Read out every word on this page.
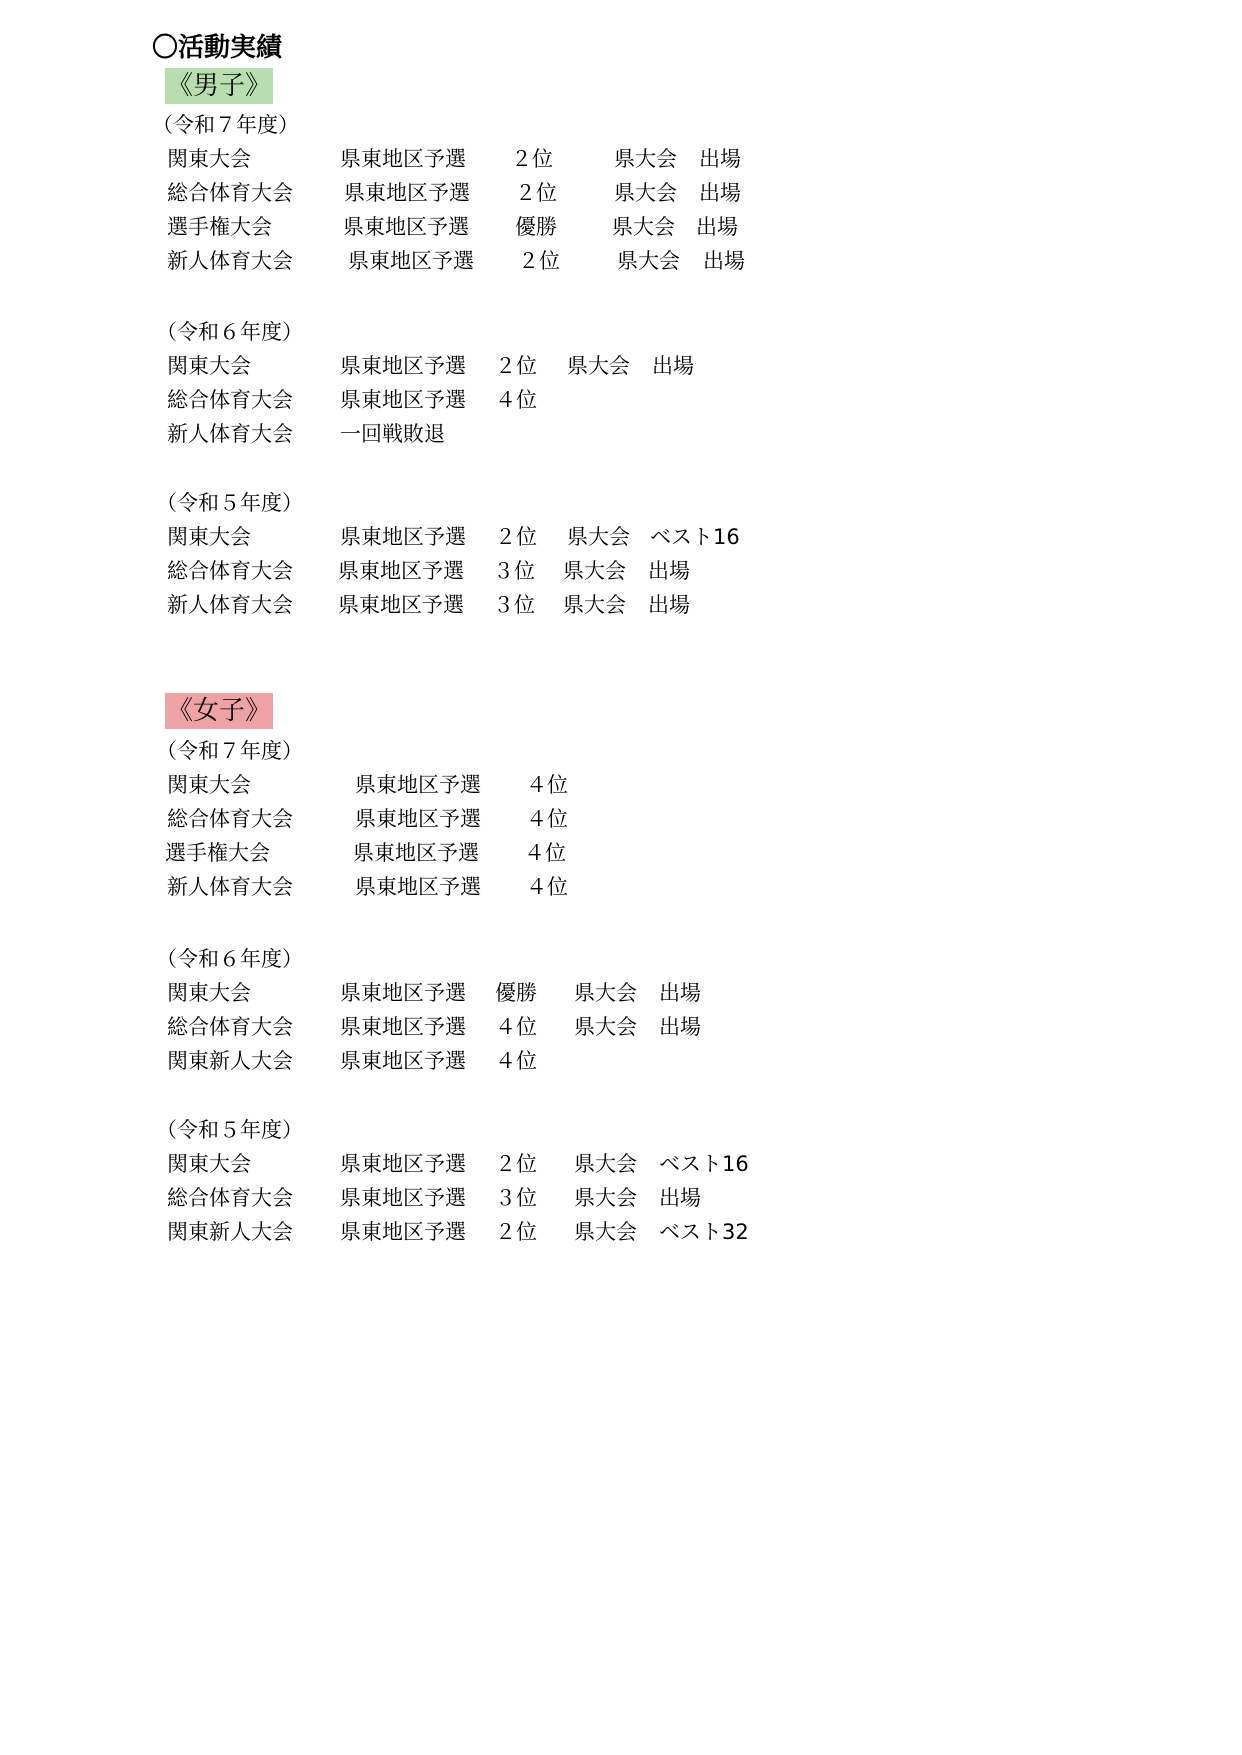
〇活動実績
《男子》
（令和７年度）
関東大会	県東地区予選 ２位	県大会 出場
総合体育大会 県東地区予選 ２位	県大会 出場
選手権大会	県東地区予選 優勝	県大会 出場
新人体育大会	県東地区予選 ２位	県大会 出場
（令和６年度）
関東大会	県東地区予選 ２位 県大会 出場
総合体育大会 県東地区予選 ４位
新人体育大会 一回戦敗退
（令和５年度）
関東大会	県東地区予選 ２位 県大会 ベスト16
総合体育大会 県東地区予選 ３位 県大会 出場
新人体育大会 県東地区予選 ３位 県大会 出場
《女子》
（令和７年度）
関東大会	県東地区予選 ４位
総合体育大会	県東地区予選 ４位
選手権大会	県東地区予選 ４位
新人体育大会	県東地区予選 ４位
（令和６年度）
関東大会	県東地区予選 優勝 県大会 出場
総合体育大会 県東地区予選 ４位 県大会 出場
関東新人大会 県東地区予選 ４位
（令和５年度）
関東大会	県東地区予選 ２位 県大会 ベスト16
総合体育大会 県東地区予選 ３位 県大会 出場
関東新人大会 県東地区予選 ２位 県大会 ベスト32
